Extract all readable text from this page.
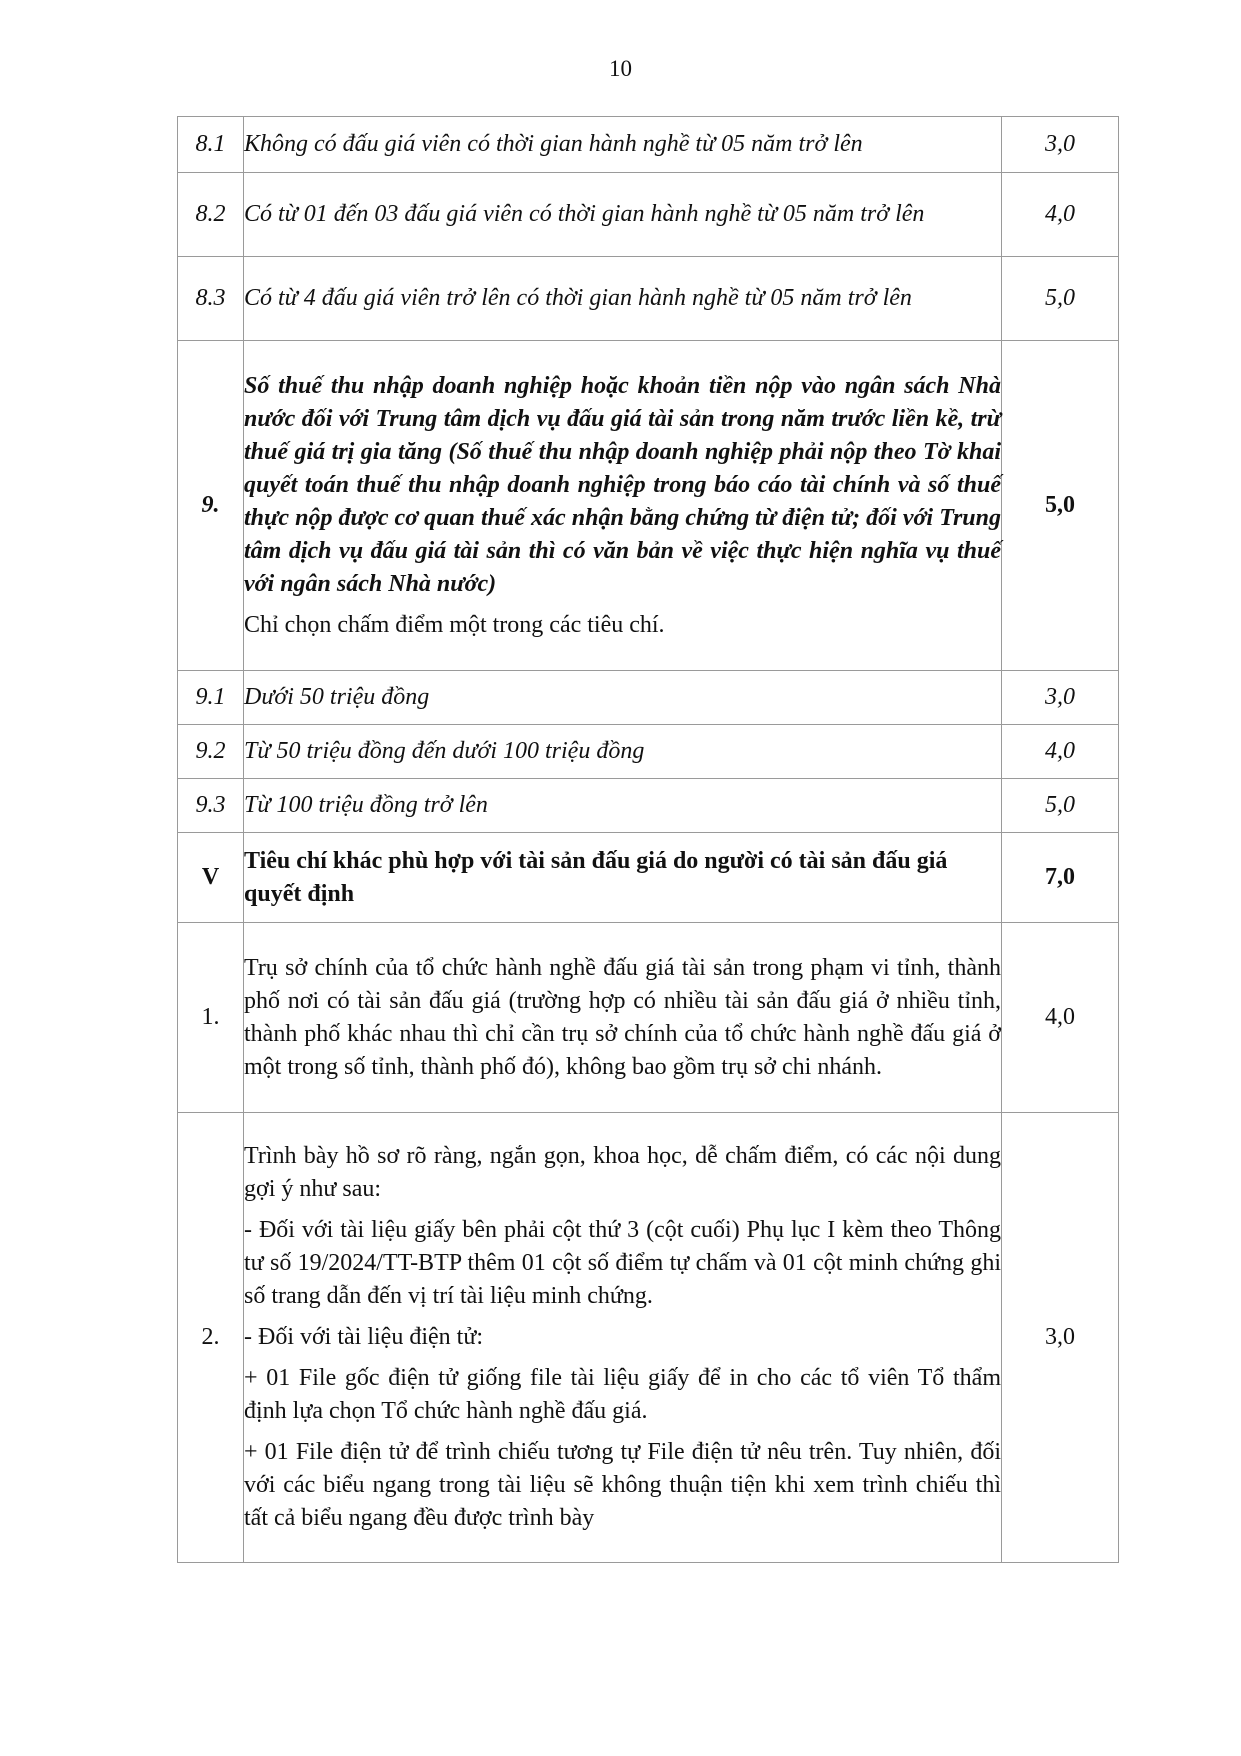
10
8.1	Không có đấu giá viên có thời gian hành nghề từ 05 năm trở lên	3,0
8.2	Có từ 01 đến 03 đấu giá viên có thời gian hành nghề từ 05 năm trở lên	4,0
8.3	Có từ 4 đấu giá viên trở lên có thời gian hành nghề từ 05 năm trở lên	5,0
9.	Số thuế thu nhập doanh nghiệp hoặc khoản tiền nộp vào ngân sách Nhà nước đối với Trung tâm dịch vụ đấu giá tài sản trong năm trước liền kề, trừ thuế giá trị gia tăng (Số thuế thu nhập doanh nghiệp phải nộp theo Tờ khai quyết toán thuế thu nhập doanh nghiệp trong báo cáo tài chính và số thuế thực nộp được cơ quan thuế xác nhận bằng chứng từ điện tử; đối với Trung tâm dịch vụ đấu giá tài sản thì có văn bản về việc thực hiện nghĩa vụ thuế với ngân sách Nhà nước)

Chỉ chọn chấm điểm một trong các tiêu chí.	5,0
9.1	Dưới 50 triệu đồng	3,0
9.2	Từ 50 triệu đồng đến dưới 100 triệu đồng	4,0
9.3	Từ 100 triệu đồng trở lên	5,0
V	Tiêu chí khác phù hợp với tài sản đấu giá do người có tài sản đấu giá quyết định	7,0
1.	Trụ sở chính của tổ chức hành nghề đấu giá tài sản trong phạm vi tỉnh, thành phố nơi có tài sản đấu giá (trường hợp có nhiều tài sản đấu giá ở nhiều tỉnh, thành phố khác nhau thì chỉ cần trụ sở chính của tổ chức hành nghề đấu giá ở một trong số tỉnh, thành phố đó), không bao gồm trụ sở chi nhánh.	4,0
2.	Trình bày hồ sơ rõ ràng, ngắn gọn, khoa học, dễ chấm điểm, có các nội dung gợi ý như sau:

- Đối với tài liệu giấy bên phải cột thứ 3 (cột cuối) Phụ lục I kèm theo Thông tư số 19/2024/TT-BTP thêm 01 cột số điểm tự chấm và 01 cột minh chứng ghi số trang dẫn đến vị trí tài liệu minh chứng.

- Đối với tài liệu điện tử:

+ 01 File gốc điện tử giống file tài liệu giấy để in cho các tổ viên Tổ thẩm định lựa chọn Tổ chức hành nghề đấu giá.

+ 01 File điện tử để trình chiếu tương tự File điện tử nêu trên. Tuy nhiên, đối với các biểu ngang trong tài liệu sẽ không thuận tiện khi xem trình chiếu thì tất cả biểu ngang đều được trình bày	3,0
